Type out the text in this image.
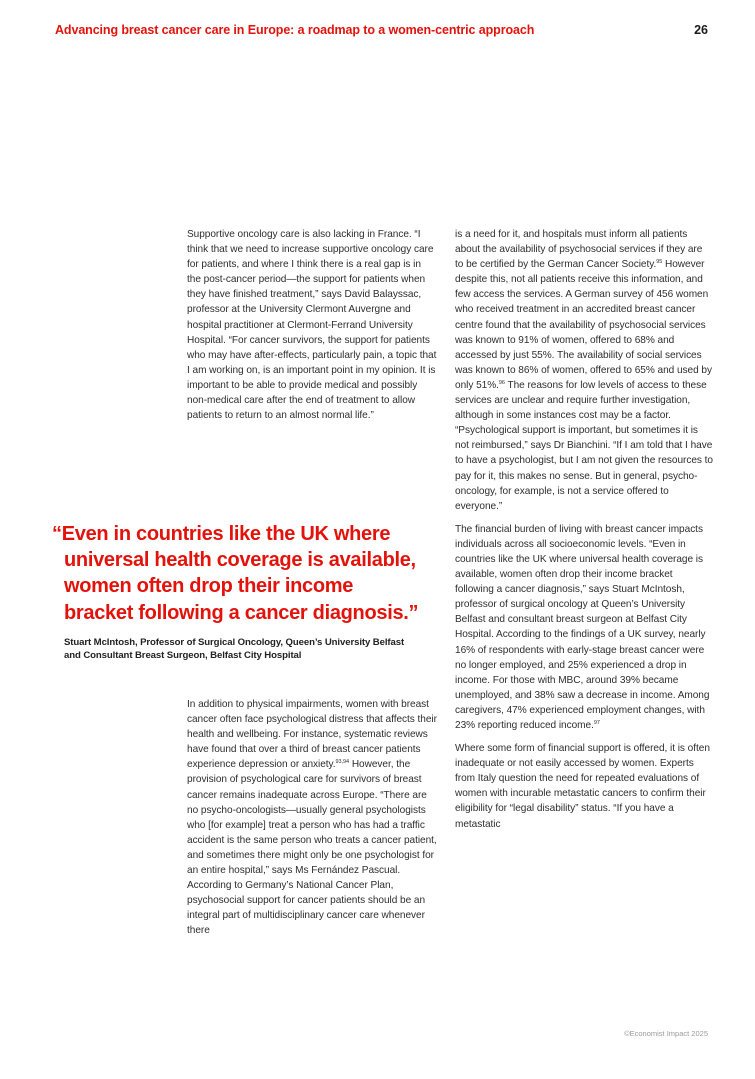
Advancing breast cancer care in Europe: a roadmap to a women-centric approach	26

Supportive oncology care is also lacking in France. “I think that we need to increase supportive oncology care for patients, and where I think there is a real gap is in the post-cancer period—the support for patients when they have finished treatment,” says David Balayssac, professor at the University Clermont Auvergne and hospital practitioner at Clermont-Ferrand University Hospital. “For cancer survivors, the support for patients who may have after-effects, particularly pain, a topic that I am working on, is an important point in my opinion. It is important to be able to provide medical and possibly non-medical care after the end of treatment to allow patients to return to an almost normal life.”

“Even in countries like the UK where
universal health coverage is available,
women often drop their income
bracket following a cancer diagnosis.”
Stuart McIntosh, Professor of Surgical Oncology, Queen’s University Belfast
and Consultant Breast Surgeon, Belfast City Hospital

In addition to physical impairments, women with breast cancer often face psychological distress that affects their health and wellbeing. For instance, systematic reviews have found that over a third of breast cancer patients experience depression or anxiety.$^{93,94}$ However, the provision of psychological care for survivors of breast cancer remains inadequate across Europe. “There are no psycho-oncologists—usually general psychologists who [for example] treat a person who has had a traffic accident is the same person who treats a cancer patient, and sometimes there might only be one psychologist for an entire hospital,” says Ms Fernández Pascual. According to Germany’s National Cancer Plan, psychosocial support for cancer patients should be an integral part of multidisciplinary cancer care whenever there

is a need for it, and hospitals must inform all patients about the availability of psychosocial services if they are to be certified by the German Cancer Society.$^{95}$ However despite this, not all patients receive this information, and few access the services. A German survey of 456 women who received treatment in an accredited breast cancer centre found that the availability of psychosocial services was known to 91% of women, offered to 68% and accessed by just 55%. The availability of social services was known to 86% of women, offered to 65% and used by only 51%.$^{96}$ The reasons for low levels of access to these services are unclear and require further investigation, although in some instances cost may be a factor. “Psychological support is important, but sometimes it is not reimbursed,” says Dr Bianchini. “If I am told that I have to have a psychologist, but I am not given the resources to pay for it, this makes no sense. But in general, psycho-oncology, for example, is not a service offered to everyone.”

The financial burden of living with breast cancer impacts individuals across all socioeconomic levels. “Even in countries like the UK where universal health coverage is available, women often drop their income bracket following a cancer diagnosis,” says Stuart McIntosh, professor of surgical oncology at Queen’s University Belfast and consultant breast surgeon at Belfast City Hospital. According to the findings of a UK survey, nearly 16% of respondents with early-stage breast cancer were no longer employed, and 25% experienced a drop in income. For those with MBC, around 39% became unemployed, and 38% saw a decrease in income. Among caregivers, 47% experienced employment changes, with 23% reporting reduced income.$^{97}$

Where some form of financial support is offered, it is often inadequate or not easily accessed by women. Experts from Italy question the need for repeated evaluations of women with incurable metastatic cancers to confirm their eligibility for “legal disability” status. “If you have a metastatic

©Economist Impact 2025
